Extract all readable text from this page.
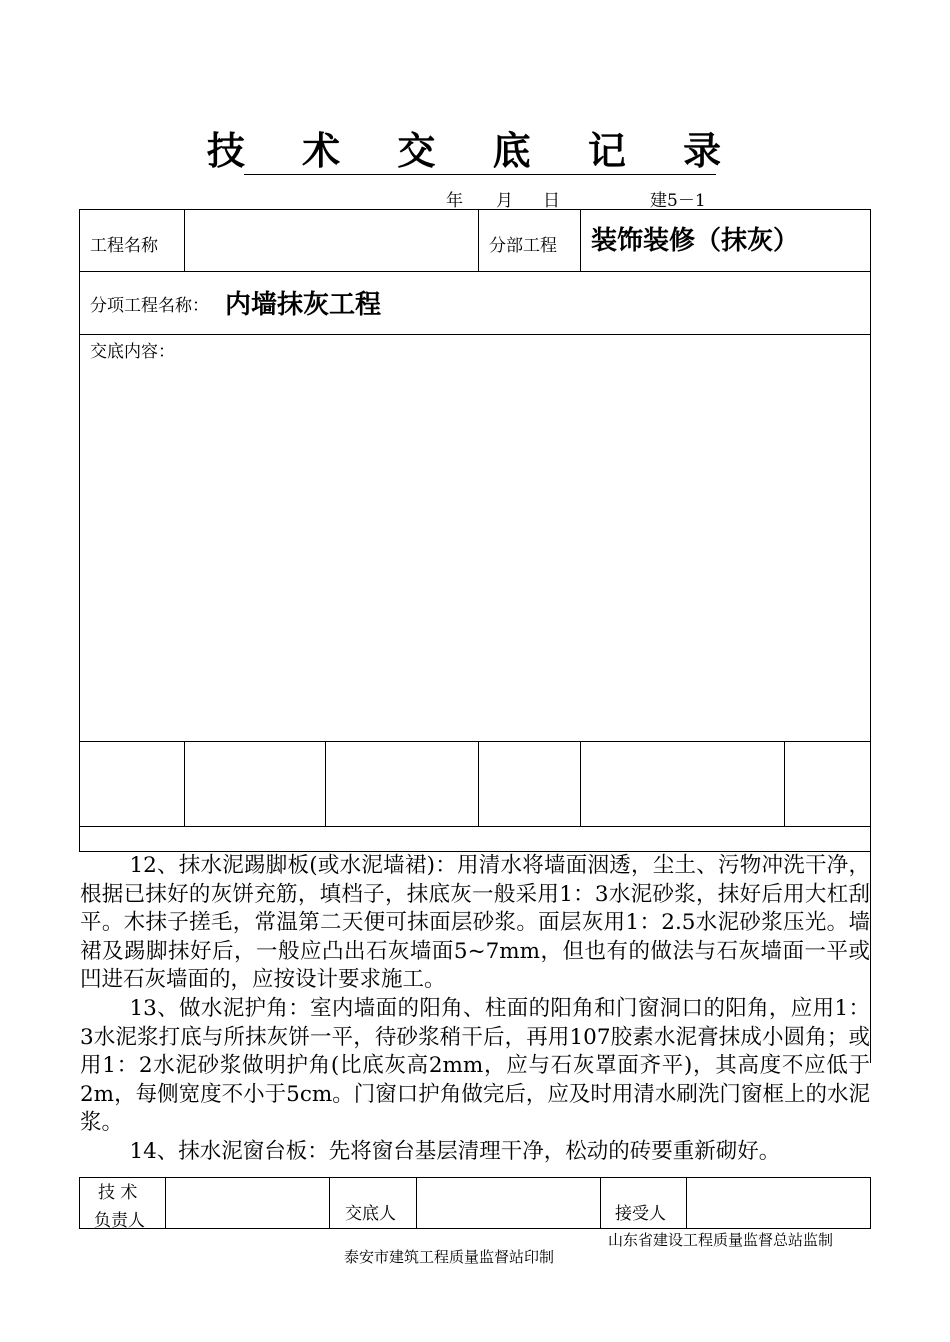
技 术 交 底 记 录
年 月 日	建5－1
工程名称	分部工程 装饰装修（抹灰）
分项工程名称： 内墙抹灰工程
交底内容：

12、抹水泥踢脚板(或水泥墙裙)：用清水将墙面洇透，尘土、污物冲洗干净，根据已抹好的灰饼充筋，填档子，抹底灰一般采用1：3水泥砂浆，抹好后用大杠刮平。木抹子搓毛，常温第二天便可抹面层砂浆。面层灰用1：2.5水泥砂浆压光。墙裙及踢脚抹好后，一般应凸出石灰墙面5~7mm，但也有的做法与石灰墙面一平或凹进石灰墙面的，应按设计要求施工。

13、做水泥护角：室内墙面的阳角、柱面的阳角和门窗洞口的阳角，应用1：3水泥浆打底与所抹灰饼一平，待砂浆稍干后，再用107胶素水泥膏抹成小圆角；或用1：2水泥砂浆做明护角(比底灰高2mm，应与石灰罩面齐平)，其高度不应低于2m，每侧宽度不小于5cm。门窗口护角做完后，应及时用清水刷洗门窗框上的水泥浆。

14、抹水泥窗台板：先将窗台基层清理干净，松动的砖要重新砌好。

技 术
负责人	交底人	接受人
山东省建设工程质量监督总站监制
泰安市建筑工程质量监督站印制
